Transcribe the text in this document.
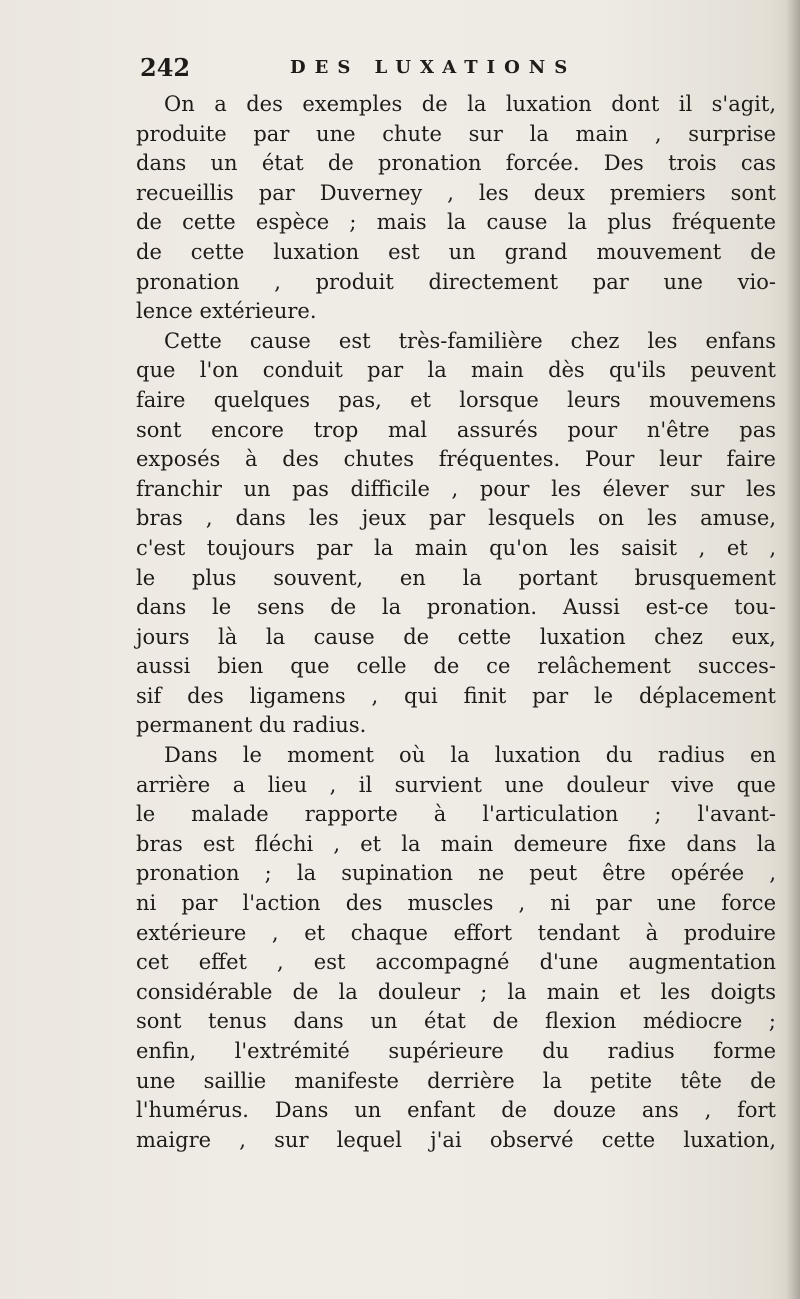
242	DES LUXATIONS
On a des exemples de la luxation dont il s'agit,
produite par une chute sur la main , surprise
dans un état de pronation forcée. Des trois cas
recueillis par Duverney , les deux premiers sont
de cette espèce ; mais la cause la plus fréquente
de cette luxation est un grand mouvement de
pronation , produit directement par une vio-
lence extérieure.
Cette cause est très-familière chez les enfans
que l'on conduit par la main dès qu'ils peuvent
faire quelques pas, et lorsque leurs mouvemens
sont encore trop mal assurés pour n'être pas
exposés à des chutes fréquentes. Pour leur faire
franchir un pas difficile , pour les élever sur les
bras , dans les jeux par lesquels on les amuse,
c'est toujours par la main qu'on les saisit , et ,
le plus souvent, en la portant brusquement
dans le sens de la pronation. Aussi est-ce tou-
jours là la cause de cette luxation chez eux,
aussi bien que celle de ce relâchement succes-
sif des ligamens , qui finit par le déplacement
permanent du radius.
Dans le moment où la luxation du radius en
arrière a lieu , il survient une douleur vive que
le malade rapporte à l'articulation ; l'avant-
bras est fléchi , et la main demeure fixe dans la
pronation ; la supination ne peut être opérée ,
ni par l'action des muscles , ni par une force
extérieure , et chaque effort tendant à produire
cet effet , est accompagné d'une augmentation
considérable de la douleur ; la main et les doigts
sont tenus dans un état de flexion médiocre ;
enfin, l'extrémité supérieure du radius forme
une saillie manifeste derrière la petite tête de
l'humérus. Dans un enfant de douze ans , fort
maigre , sur lequel j'ai observé cette luxation,
